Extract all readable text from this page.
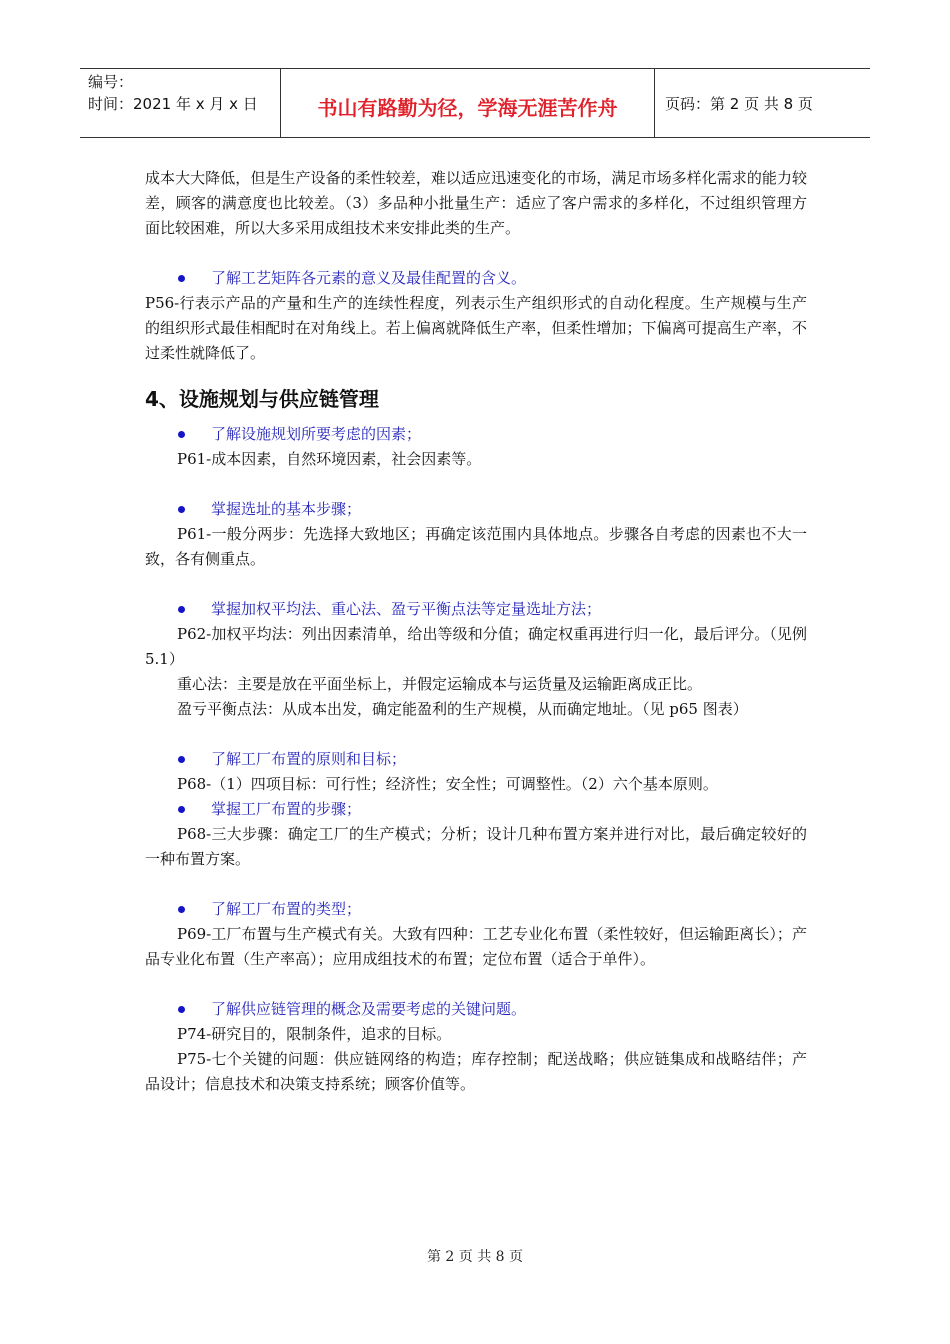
编号：
时间：2021 年 x 月 x 日	书山有路勤为径，学海无涯苦作舟	页码：第 2 页 共 8 页

成本大大降低，但是生产设备的柔性较差，难以适应迅速变化的市场，满足市场多样化需求的能力较差，顾客的满意度也比较差。（3）多品种小批量生产：适应了客户需求的多样化，不过组织管理方面比较困难，所以大多采用成组技术来安排此类的生产。

了解工艺矩阵各元素的意义及最佳配置的含义。

P56-行表示产品的产量和生产的连续性程度，列表示生产组织形式的自动化程度。生产规模与生产的组织形式最佳相配时在对角线上。若上偏离就降低生产率，但柔性增加；下偏离可提高生产率，不过柔性就降低了。

4、设施规划与供应链管理

了解设施规划所要考虑的因素；

P61-成本因素，自然环境因素，社会因素等。

掌握选址的基本步骤；

P61-一般分两步：先选择大致地区；再确定该范围内具体地点。步骤各自考虑的因素也不大一致，各有侧重点。

掌握加权平均法、重心法、盈亏平衡点法等定量选址方法；

P62-加权平均法：列出因素清单，给出等级和分值；确定权重再进行归一化，最后评分。（见例 5.1）

重心法：主要是放在平面坐标上，并假定运输成本与运货量及运输距离成正比。

盈亏平衡点法：从成本出发，确定能盈利的生产规模，从而确定地址。（见 p65 图表）

了解工厂布置的原则和目标；

P68-（1）四项目标：可行性；经济性；安全性；可调整性。（2）六个基本原则。

掌握工厂布置的步骤；

P68-三大步骤：确定工厂的生产模式；分析；设计几种布置方案并进行对比，最后确定较好的一种布置方案。

了解工厂布置的类型；

P69-工厂布置与生产模式有关。大致有四种：工艺专业化布置（柔性较好，但运输距离长）；产品专业化布置（生产率高）；应用成组技术的布置；定位布置（适合于单件）。

了解供应链管理的概念及需要考虑的关键问题。

P74-研究目的，限制条件，追求的目标。

P75-七个关键的问题：供应链网络的构造；库存控制；配送战略；供应链集成和战略结伴；产品设计；信息技术和决策支持系统；顾客价值等。

第 2 页 共 8 页
